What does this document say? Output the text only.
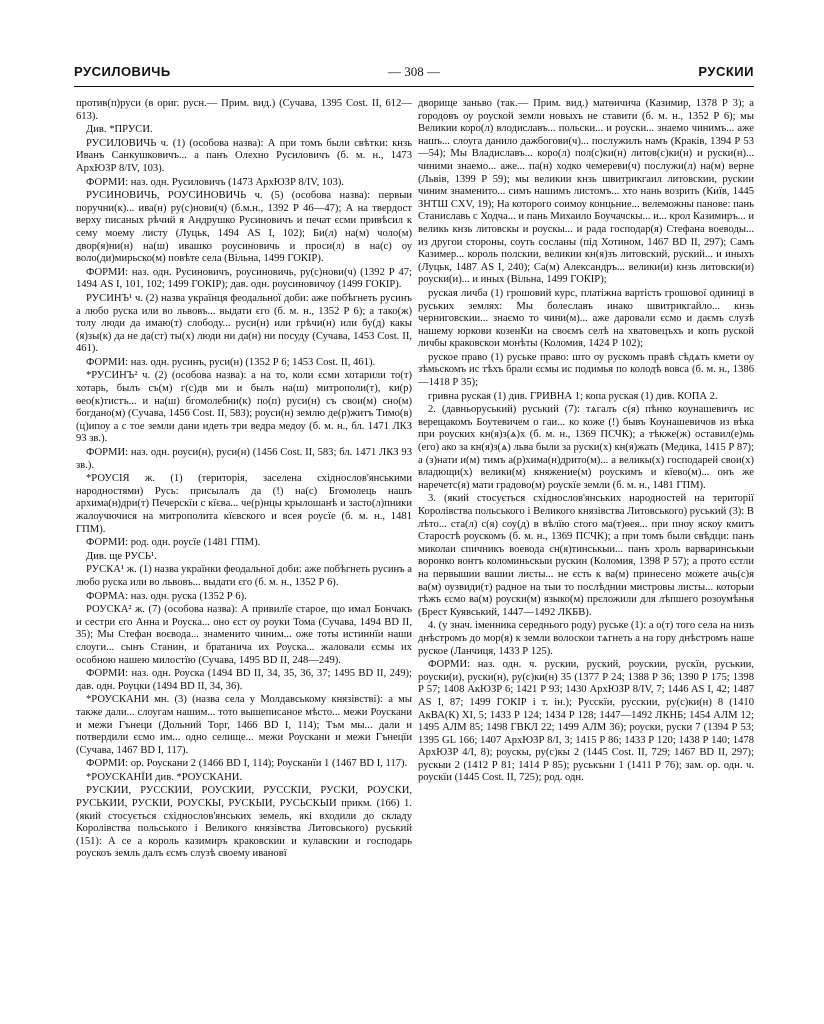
РУСИЛОВИЧЬ	— 308 —	РУСКИИ

против(п)руси (в ориг. русн.— Прим. вид.) (Сучава, 1395 Cost. II, 612—613).

Див. *ПРУСИ.

РУСИЛОВИЧЬ ч. (1) (особова назва): А при томъ были свѣтки: кнзь Иванъ Санкушковичъ... а панъ Олехно Русиловичъ (б. м. н., 1473 АрхЮЗР 8/IV, 103).

ФОРМИ: наз. одн. Русиловичъ (1473 АрхЮЗР 8/IV, 103).

РУСИНОВИЧЬ, РОУСИНОВИЧЬ ч. (5) (особова назва): первыи поручни(к)... ива(н) ру(с)нови(ч) (б.м.н., 1392 Р 46—47); А на твердост верху писаных рѣчий я Андрушко Русиновичъ и печат єсми привѣсил к сему моему листу (Луцьк, 1494 AS I, 102); Би(л) на(м) чоло(м) двор(я)ни(н) на(ш) ивашко роусиновичь и проси(л) в на(с) оу воло(ди)мирьско(м) повѣте села (Вільна, 1499 ГОКІР).

ФОРМИ: наз. одн. Русиновичъ, роусиновичь, ру(с)нови(ч) (1392 Р 47; 1494 AS I, 101, 102; 1499 ГОКІР); дав. одн. роусиновичоу (1499 ГОКІР).

РУСИНЪ¹ ч. (2) назва українця феодальної доби: аже побѣгнеть русинъ а любо руска или во львовъ... выдати єго (б. м. н., 1352 Р 6); а тако(ж) толу люди да имаю(т) слободу... руси(н) или грѣчи(н) или бу(д) какы (я)зы(к) да не да(ст) ты(х) люди ни да(н) ни посуду (Сучава, 1453 Cost. II, 461).

ФОРМИ: наз. одн. русинъ, руси(н) (1352 Р 6; 1453 Cost. II, 461).

*РУСИНЪ² ч. (2) (особова назва): а на то, коли єсми хотарили то(т) хотарь, былъ съ(м) г(с)дв ми и былъ на(ш) митрополи(т), ки(р) ѳео(к)тистъ... и на(ш) бгомолебни(к) по(п) руси(н) съ свои(м) сно(м) богдано(м) (Сучава, 1456 Cost. II, 583); роуси(н) землю де(р)житъ Тимо(в)(ц)ипоу а с тое земли дани идеть три ведра медоу (б. м. н., бл. 1471 ЛКЗ 93 зв.).

ФОРМИ: наз. одн. роуси(н), руси(н) (1456 Cost. II, 583; бл. 1471 ЛКЗ 93 зв.).

*РОУСІЯ ж. (1) (територія, заселена східнослов'янськими народностями) Русь: присылалъ да (!) на(с) Бгомолець нашъ архима(н)дри(т) Печерскїи с кїєва... че(р)нцы крылошанѣ и засто(л)пники жалоучючися на митрополита кїєвского и всея роусїе (б. м. н., 1481 ГПМ).

ФОРМИ: род. одн. роусїе (1481 ГПМ).

Див. ще РУСЬ¹.

РУСКА¹ ж. (1) назва українки феодальної доби: аже побѣгнеть русинъ а любо руска или во львовъ... выдати єго (б. м. н., 1352 Р 6).

ФОРМА: наз. одн. руска (1352 Р 6).

РОУСКА² ж. (7) (особова назва): А привилїе старое, що имал Бончакъ и сестри єго Анна и Роуска... оно єст оу роуки Тома (Сучава, 1494 BD II, 35); Мы Стефан воєвода... знаменито чиним... оже тоты истиннїи наши слоуги... сынъ Станин, и братанича их Роуска... жаловали єсмы их особною нашею милостїю (Сучава, 1495 BD II, 248—249).

ФОРМИ: наз. одн. Роуска (1494 BD II, 34, 35, 36, 37; 1495 BD II, 249); дав. одн. Роуцки (1494 BD II, 34, 36).

*РОУСКАНИ мн. (3) (назва села у Молдавському князівстві): а мы также дали... слоугам нашим... тото вышеписаное мѣсто... межи Роускани и межи Гънеци (Дольний Торг, 1466 BD I, 114); Тъм мы... дали и потвердили єсмо им... одно селище... межи Роускани и межи Гънецїи (Сучава, 1467 BD I, 117).

ФОРМИ: ор. Роускани 2 (1466 BD I, 114); Роусканїи 1 (1467 BD I, 117).

*РОУСКАНЇИ див. *РОУСКАНИ.

РУСКИИ, РУССКИИ, РОУСКИИ, РУССКІИ, РУСКИ, РОУСКИ, РУСЬКИИ, РУСКІИ, РОУСКЫ, РУСКЫИ, РУСЬСКЫИ прикм. (166) 1. (який стосується східнослов'янських земель, які входили до складу Королівства польського і Великого князівства Литовського) руський (151): А се а король казимиръ краковскии и кулавскии и господарь роускоъ земль далъ єсмъ слузѣ своему ивановї

дворище заньво (так.— Прим. вид.) матѳичича (Казимир, 1378 Р 3); а городовъ оу роуской земли новыхъ не ставити (б. м. н., 1352 Р 6); мы Великии коро(л) влодиславъ... польски... и роуски... знаемо чинимъ... аже нашъ... слоуга данило дажбогови(ч)... послужилъ намъ (Краків, 1394 Р 53—54); Мы Владиславъ... коро(л) пол(с)ки(н) литов(с)ки(н) и руски(н)... чиними знаемо... аже... па(н) ходко чемереви(ч) послужи(л) на(м) верне (Львів, 1399 Р 59); мы великии кнзь швитрикгаил литовскии, рускии чиним знаменито... симъ нашимъ листомъ... хто нань возрить (Київ, 1445 ЗНТШ CXV, 19); На которого соимоу концьние... велеможны панове: пань Станиславь с Ходча... и пань Михаило Боучачскы... и... крол Казимиръ... и великь кнзь литовскы и роускы... и рада господар(я) Стефана воеводы... из другои стороны, соуть сосланы (під Хотином, 1467 BD II, 297); Самъ Казимер... король полскии, великии кн(я)зъ литовский, руский... и иныхъ (Луцьк, 1487 AS I, 240); Са(м) Александръ... велики(и) кнзь литовски(и) роуски(и)... и иных (Вільна, 1499 ГОКІР);

руская личба (1) грошовий курс, платіжна вартість грошової одиниці в руських землях: Мы болеславъ инако швитрикгайло... кнзь черниговскии... знаємо то чини(м)... аже даровали єсмо и даємъ слузѣ нашему юркови козенКи на своємъ селѣ на хватовецъхъ и копъ руской личбы краковскои монѣты (Коломия, 1424 Р 102);

руское право (1) руське право: што оу рускомъ правѣ сѣдѧть кмети оу зѣмьскомъ ис тѣхъ брали єсмы ис подимья по колодѣ вовса (б. м. н., 1386—1418 Р 35);

гривна руская (1) див. ГРИВНА 1; копа руская (1) див. КОПА 2.

2. (давньоруський) руський (7): тѧгалъ с(я) пѣнко коунашевичъ ис верещакомъ Боутевичем о гаи... ко коже (!) бывъ Коунашевичов из вѣка при роуских кн(я)з(ѧ)х (б. м. н., 1369 ПСЧК); а тѣкже(ж) оставил(е)мь (его) ако за кн(я)з(ѧ) льва были за руски(х) кн(я)жать (Медика, 1415 Р 87); а (з)нати и(м) тимъ а(р)хима(н)дрито(м)... а великы(х) господарей свои(х) владющи(х) велики(м) княжение(м) роускимъ и кїево(м)... онъ же наречетс(я) мати градово(м) роускїе земли (б. м. н., 1481 ГПМ).

3. (який стосується східнослов'янських народностей на території Королівства польського і Великого князівства Литовського) руський (3): В лѣто... ста(л) с(я) соу(д) в вѣлїю стого ма(т)ѳея... при пноу яскоу кмитъ Старостѣ роускомъ (б. м. н., 1369 ПСЧК); а при томъ были свѣдци: панъ миколаи спичникъ воевода сн(я)тинськыи... панъ хроль варваринськыи воронко вонтъ коломиньскыи рускин (Коломия, 1398 Р 57); а прото єстли на первышии вашии листы... не єсть к ва(м) принесено можете ачь(с)я ва(м) оузвиди(т) радное на тыи то послѣднии мистровы листы... которыи тѣжъ єсмо ва(м) роуски(м) языко(м) прєложили для лѣпшего розоумѣнья (Брест Куявський, 1447—1492 ЛКБВ).

4. (у знач. іменника середнього роду) руське (1): а о(т) того села на низъ днѣстромъ до мор(я) к земли волоскои тѧгнеть а на гору днѣстромъ наше руское (Ланчиця, 1433 Р 125).

ФОРМИ: наз. одн. ч. рускии, руский, роускии, рускїи, руськии, роуски(и), руски(н), ру(с)ки(н) 35 (1377 Р 24; 1388 Р 36; 1390 Р 175; 1398 Р 57; 1408 АкЮЗР 6; 1421 Р 93; 1430 АрхЮЗР 8/IV, 7; 1446 AS I, 42; 1487 AS I, 87; 1499 ГОКІР і т. ін.); Русскїи, русскии, ру(с)ки(н) 8 (1410 АкВА(К) XI, 5; 1433 Р 124; 1434 Р 128; 1447—1492 ЛКНБ; 1454 АЛМ 12; 1495 АЛМ 85; 1498 ГВКЛ 22; 1499 АЛМ 36); роуски, руски 7 (1394 Р 53; 1395 GL 166; 1407 АрхЮЗР 8/I, 3; 1415 Р 86; 1433 Р 120; 1438 Р 140; 1478 АрхЮЗР 4/I, 8); роускы, ру(с)кы 2 (1445 Cost. II, 729; 1467 BD II, 297); рускыи 2 (1412 Р 81; 1414 Р 85); руськъни 1 (1411 Р 76); зам. ор. одн. ч. роускїи (1445 Cost. II, 725); род. одн.
